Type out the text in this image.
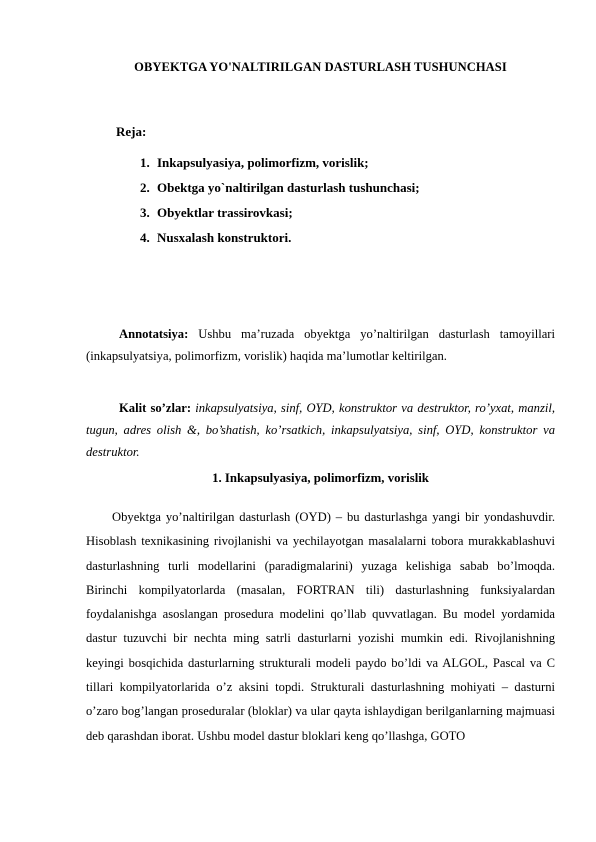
OBYEKTGA YO'NALTIRILGAN DASTURLASH TUSHUNCHASI
Reja:
1. Inkapsulyasiya, polimorfizm, vorislik;
2. Obektga yo`naltirilgan dasturlash tushunchasi;
3. Obyektlar trassirovkasi;
4. Nusxalash konstruktori.

Annotatsiya: Ushbu ma’ruzada obyektga yo’naltirilgan dasturlash tamoyillari (inkapsulyatsiya, polimorfizm, vorislik) haqida ma’lumotlar keltirilgan.

Kalit so’zlar: inkapsulyatsiya, sinf, OYD, konstruktor va destruktor, ro’yxat, manzil, tugun, adres olish &, bo’shatish, ko’rsatkich, inkapsulyatsiya, sinf, OYD, konstruktor va destruktor.

1. Inkapsulyasiya, polimorfizm, vorislik

Obyektga yo’naltirilgan dasturlash (OYD) – bu dasturlashga yangi bir yondashuvdir. Hisoblash texnikasining rivojlanishi va yechilayotgan masalalarni tobora murakkablashuvi dasturlashning turli modellarini (paradigmalarini) yuzaga kelishiga sabab bo’lmoqda. Birinchi kompilyatorlarda (masalan, FORTRAN tili) dasturlashning funksiyalardan foydalanishga asoslangan prosedura modelini qo’llab quvvatlagan. Bu model yordamida dastur tuzuvchi bir nechta ming satrli dasturlarni yozishi mumkin edi. Rivojlanishning keyingi bosqichida dasturlarning strukturali modeli paydo bo’ldi va ALGOL, Pascal va C tillari kompilyatorlarida o’z aksini topdi. Strukturali dasturlashning mohiyati – dasturni o’zaro bog’langan proseduralar (bloklar) va ular qayta ishlaydigan berilganlarning majmuasi deb qarashdan iborat. Ushbu model dastur bloklari keng qo’llashga, GOTO
